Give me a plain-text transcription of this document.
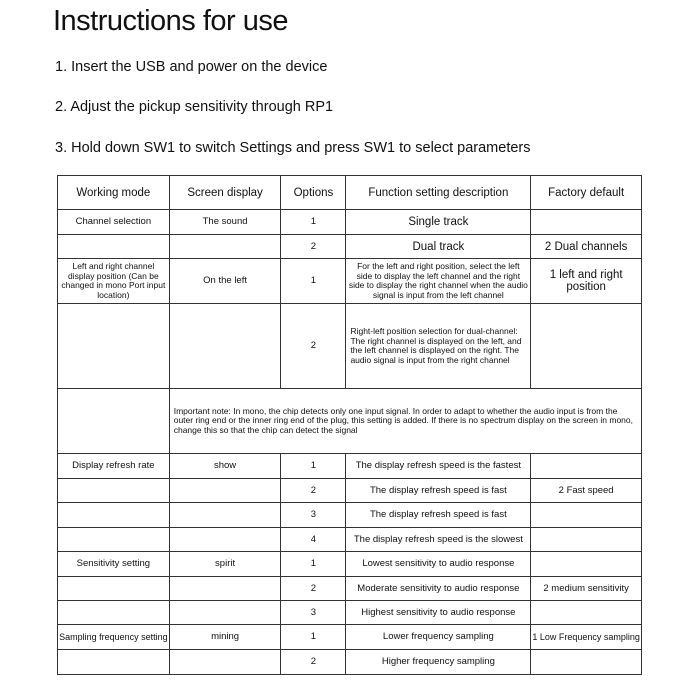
Instructions for use

1. Insert the USB and power on the device

2. Adjust the pickup sensitivity through RP1

3. Hold down SW1 to switch Settings and press SW1 to select parameters

Working mode	Screen display	Options	Function setting description	Factory default
Channel selection	The sound	1	Single track	
		2	Dual track	2 Dual channels
Left and right channel display position (Can be changed in mono Port input location)	On the left	1	For the left and right position, select the left side to display the left channel and the right side to display the right channel when the audio signal is input from the left channel	1 left and right position
		2	Right-left position selection for dual-channel: The right channel is displayed on the left, and the left channel is displayed on the right. The audio signal is input from the right channel	
	Important note: In mono, the chip detects only one input signal. In order to adapt to whether the audio input is from the outer ring end or the inner ring end of the plug, this setting is added. If there is no spectrum display on the screen in mono, change this so that the chip can detect the signal			
Display refresh rate	show	1	The display refresh speed is the fastest	
		2	The display refresh speed is fast	2 Fast speed
		3	The display refresh speed is fast	
		4	The display refresh speed is the slowest	
Sensitivity setting	spirit	1	Lowest sensitivity to audio response	
		2	Moderate sensitivity to audio response	2 medium sensitivity
		3	Highest sensitivity to audio response	
Sampling frequency setting	mining	1	Lower frequency sampling	1 Low Frequency sampling
		2	Higher frequency sampling	
